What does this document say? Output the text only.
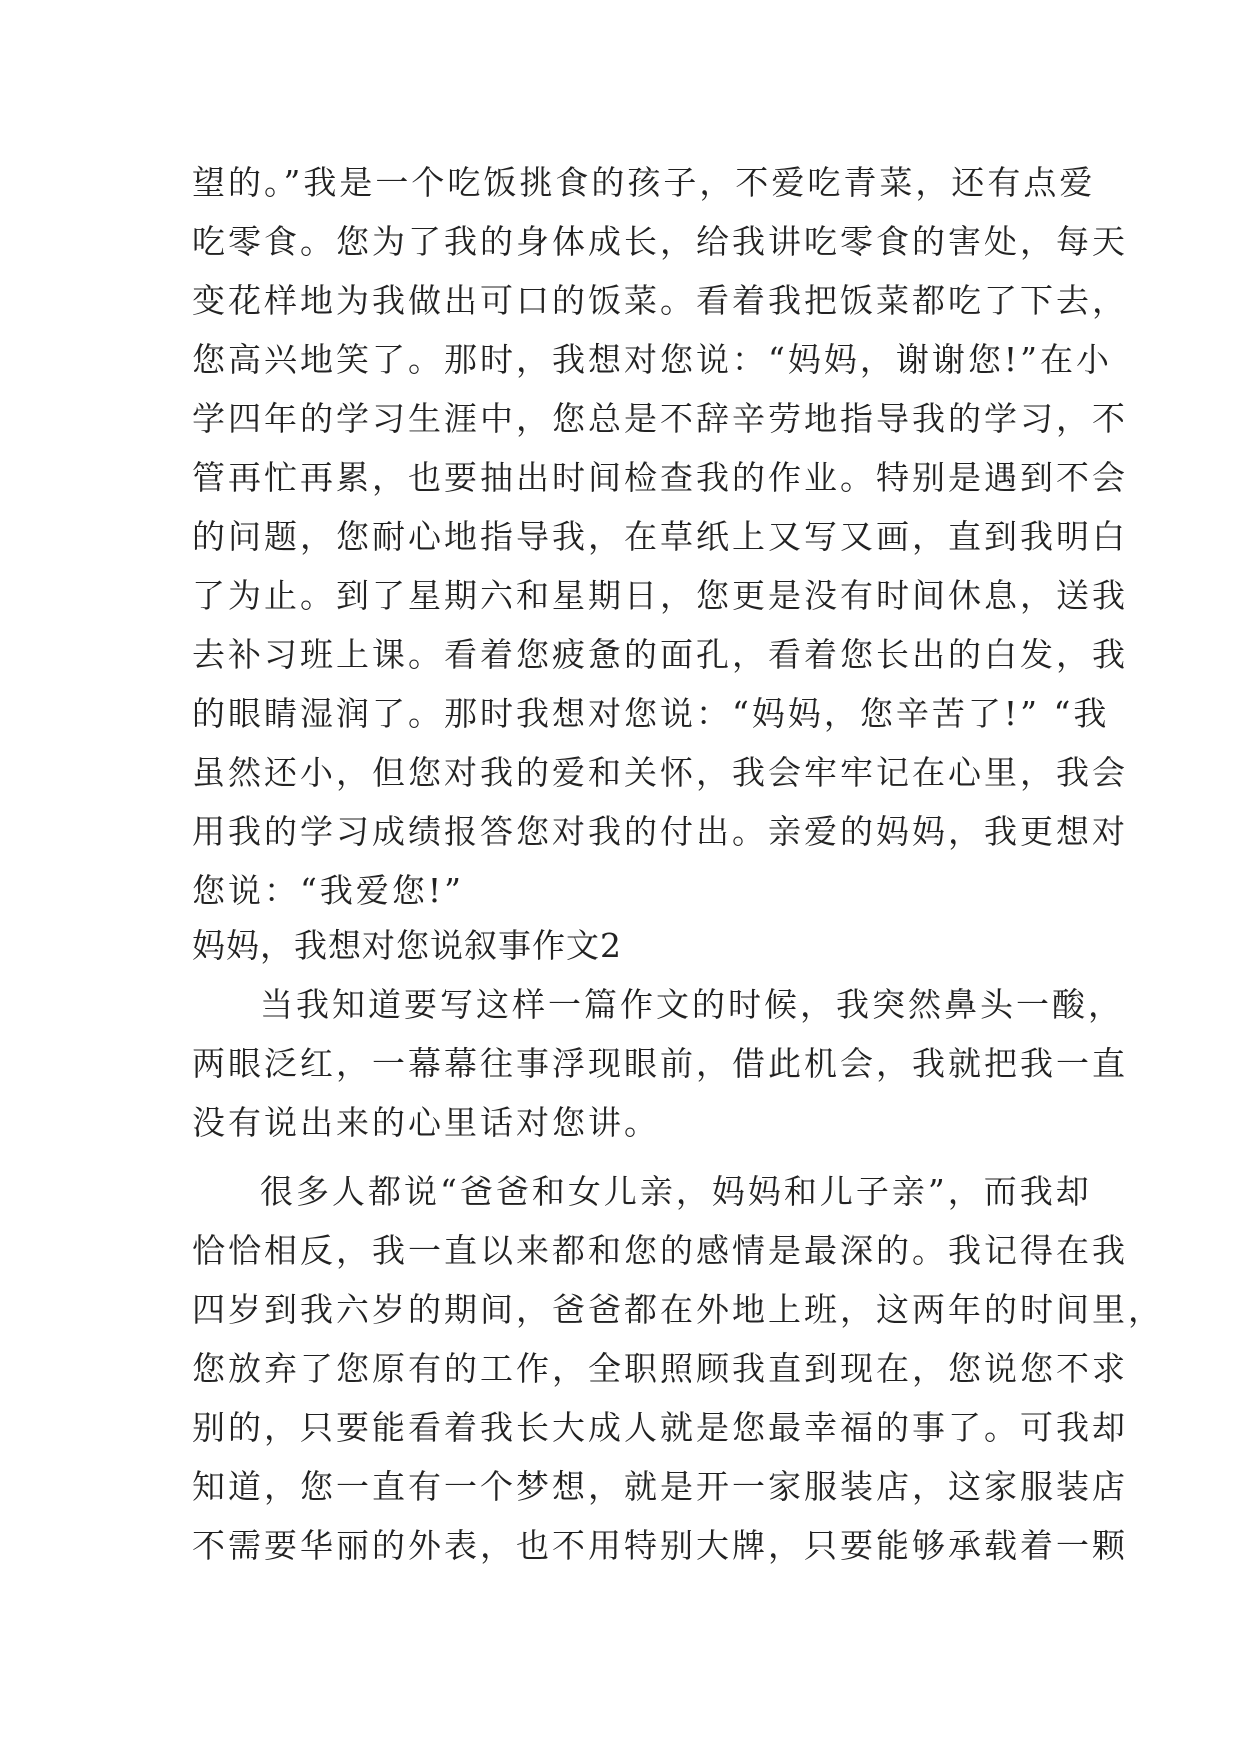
望的。”我是一个吃饭挑食的孩子，不爱吃青菜，还有点爱
吃零食。您为了我的身体成长，给我讲吃零食的害处，每天
变花样地为我做出可口的饭菜。看着我把饭菜都吃了下去，
您高兴地笑了。那时，我想对您说：“妈妈，谢谢您!”在小
学四年的学习生涯中，您总是不辞辛劳地指导我的学习，不
管再忙再累，也要抽出时间检查我的作业。特别是遇到不会
的问题，您耐心地指导我，在草纸上又写又画，直到我明白
了为止。到了星期六和星期日，您更是没有时间休息，送我
去补习班上课。看着您疲惫的面孔，看着您长出的白发，我
的眼睛湿润了。那时我想对您说：“妈妈，您辛苦了!” “我
虽然还小，但您对我的爱和关怀，我会牢牢记在心里，我会
用我的学习成绩报答您对我的付出。亲爱的妈妈，我更想对
您说：“我爱您!”
妈妈，我想对您说叙事作文2
当我知道要写这样一篇作文的时候，我突然鼻头一酸，
两眼泛红，一幕幕往事浮现眼前，借此机会，我就把我一直
没有说出来的心里话对您讲。
很多人都说“爸爸和女儿亲，妈妈和儿子亲”，而我却
恰恰相反，我一直以来都和您的感情是最深的。我记得在我
四岁到我六岁的期间，爸爸都在外地上班，这两年的时间里，
您放弃了您原有的工作，全职照顾我直到现在，您说您不求
别的，只要能看着我长大成人就是您最幸福的事了。可我却
知道，您一直有一个梦想，就是开一家服装店，这家服装店
不需要华丽的外表，也不用特别大牌，只要能够承载着一颗
